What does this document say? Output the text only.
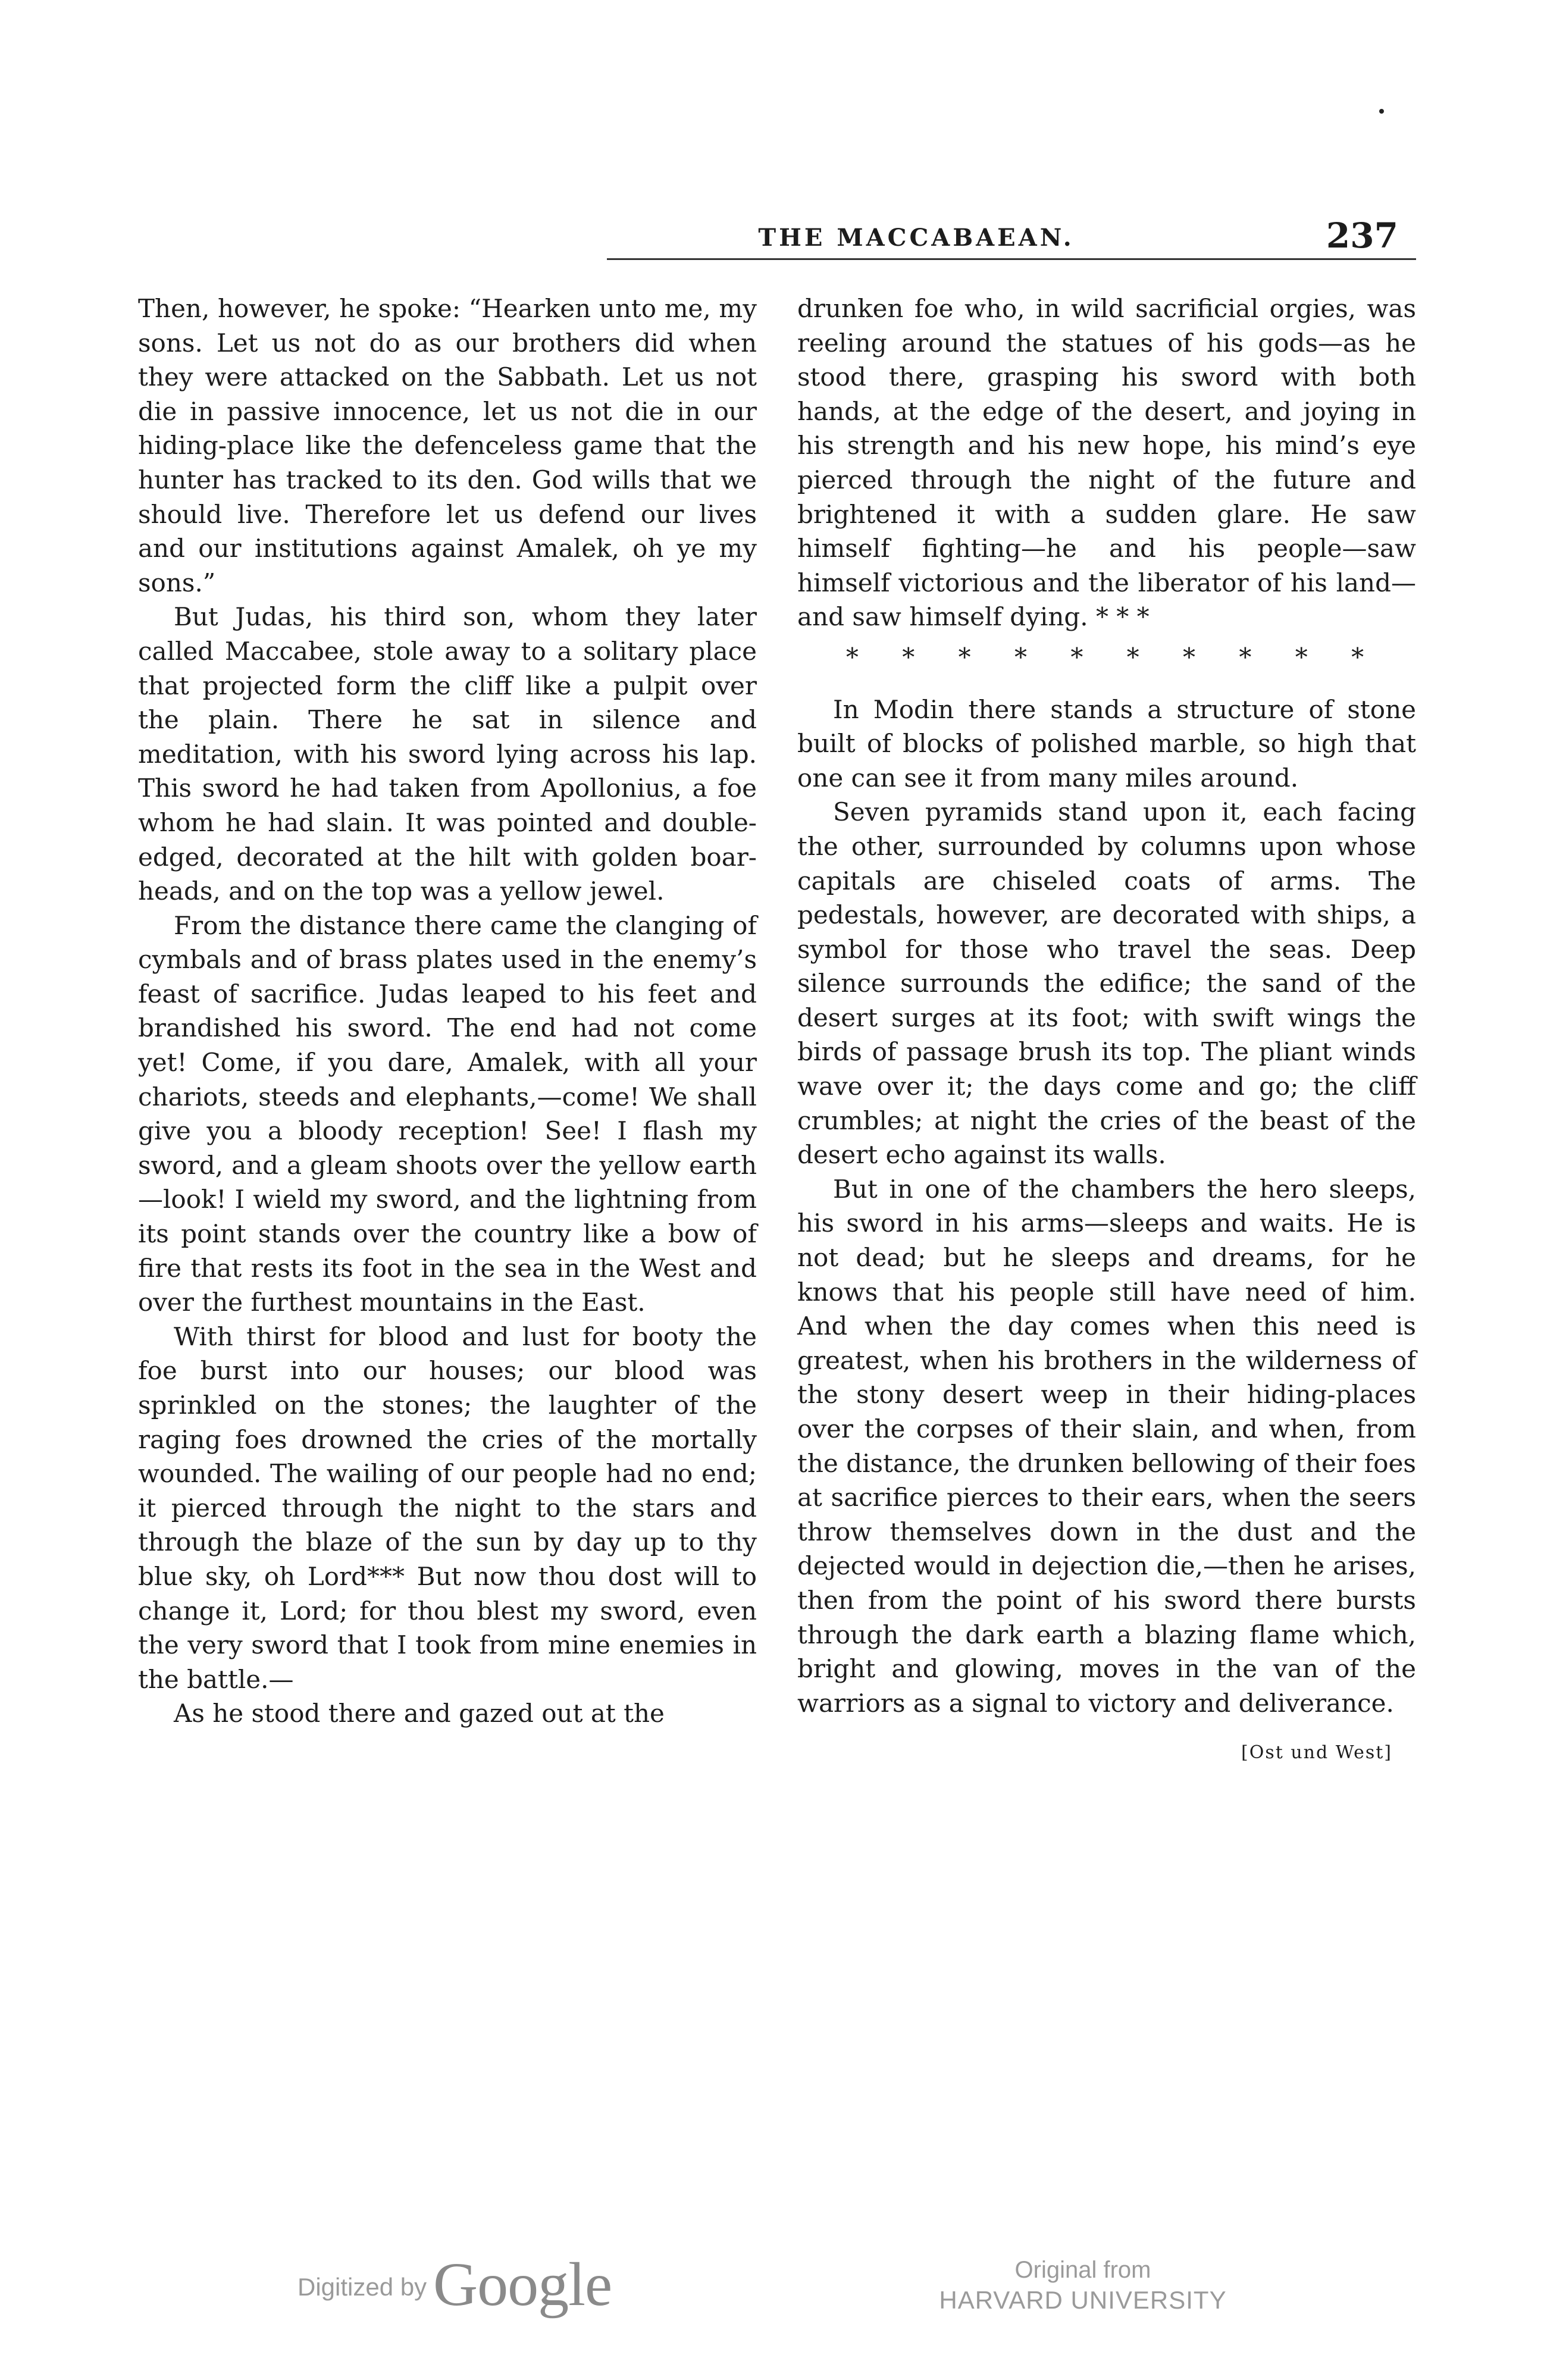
THE MACCABAEAN.	237

Then, however, he spoke: “Hearken unto me, my sons. Let us not do as our brothers did when they were attacked on the Sabbath. Let us not die in passive innocence, let us not die in our hiding-place like the defenceless game that the hunter has tracked to its den. God wills that we should live. Therefore let us defend our lives and our institutions against Amalek, oh ye my sons.”

But Judas, his third son, whom they later called Maccabee, stole away to a solitary place that projected form the cliff like a pulpit over the plain. There he sat in silence and meditation, with his sword lying across his lap. This sword he had taken from Apollonius, a foe whom he had slain. It was pointed and double-edged, decorated at the hilt with golden boar-heads, and on the top was a yellow jewel.

From the distance there came the clanging of cymbals and of brass plates used in the enemy’s feast of sacrifice. Judas leaped to his feet and brandished his sword. The end had not come yet! Come, if you dare, Amalek, with all your chariots, steeds and elephants,—come! We shall give you a bloody reception! See! I flash my sword, and a gleam shoots over the yellow earth—look! I wield my sword, and the lightning from its point stands over the country like a bow of fire that rests its foot in the sea in the West and over the furthest mountains in the East.

With thirst for blood and lust for booty the foe burst into our houses; our blood was sprinkled on the stones; the laughter of the raging foes drowned the cries of the mortally wounded. The wailing of our people had no end; it pierced through the night to the stars and through the blaze of the sun by day up to thy blue sky, oh Lord*** But now thou dost will to change it, Lord; for thou blest my sword, even the very sword that I took from mine enemies in the battle.—

As he stood there and gazed out at the

drunken foe who, in wild sacrificial orgies, was reeling around the statues of his gods—as he stood there, grasping his sword with both hands, at the edge of the desert, and joying in his strength and his new hope, his mind’s eye pierced through the night of the future and brightened it with a sudden glare. He saw himself fighting—he and his people—saw himself victorious and the liberator of his land—and saw himself dying. * * *

* * * * * * * * * *

In Modin there stands a structure of stone built of blocks of polished marble, so high that one can see it from many miles around.

Seven pyramids stand upon it, each facing the other, surrounded by columns upon whose capitals are chiseled coats of arms. The pedestals, however, are decorated with ships, a symbol for those who travel the seas. Deep silence surrounds the edifice; the sand of the desert surges at its foot; with swift wings the birds of passage brush its top. The pliant winds wave over it; the days come and go; the cliff crumbles; at night the cries of the beast of the desert echo against its walls.

But in one of the chambers the hero sleeps, his sword in his arms—sleeps and waits. He is not dead; but he sleeps and dreams, for he knows that his people still have need of him. And when the day comes when this need is greatest, when his brothers in the wilderness of the stony desert weep in their hiding-places over the corpses of their slain, and when, from the distance, the drunken bellowing of their foes at sacrifice pierces to their ears, when the seers throw themselves down in the dust and the dejected would in dejection die,—then he arises, then from the point of his sword there bursts through the dark earth a blazing flame which, bright and glowing, moves in the van of the warriors as a signal to victory and deliverance.

[Ost und West]
Digitized by Google	Original from
HARVARD UNIVERSITY
